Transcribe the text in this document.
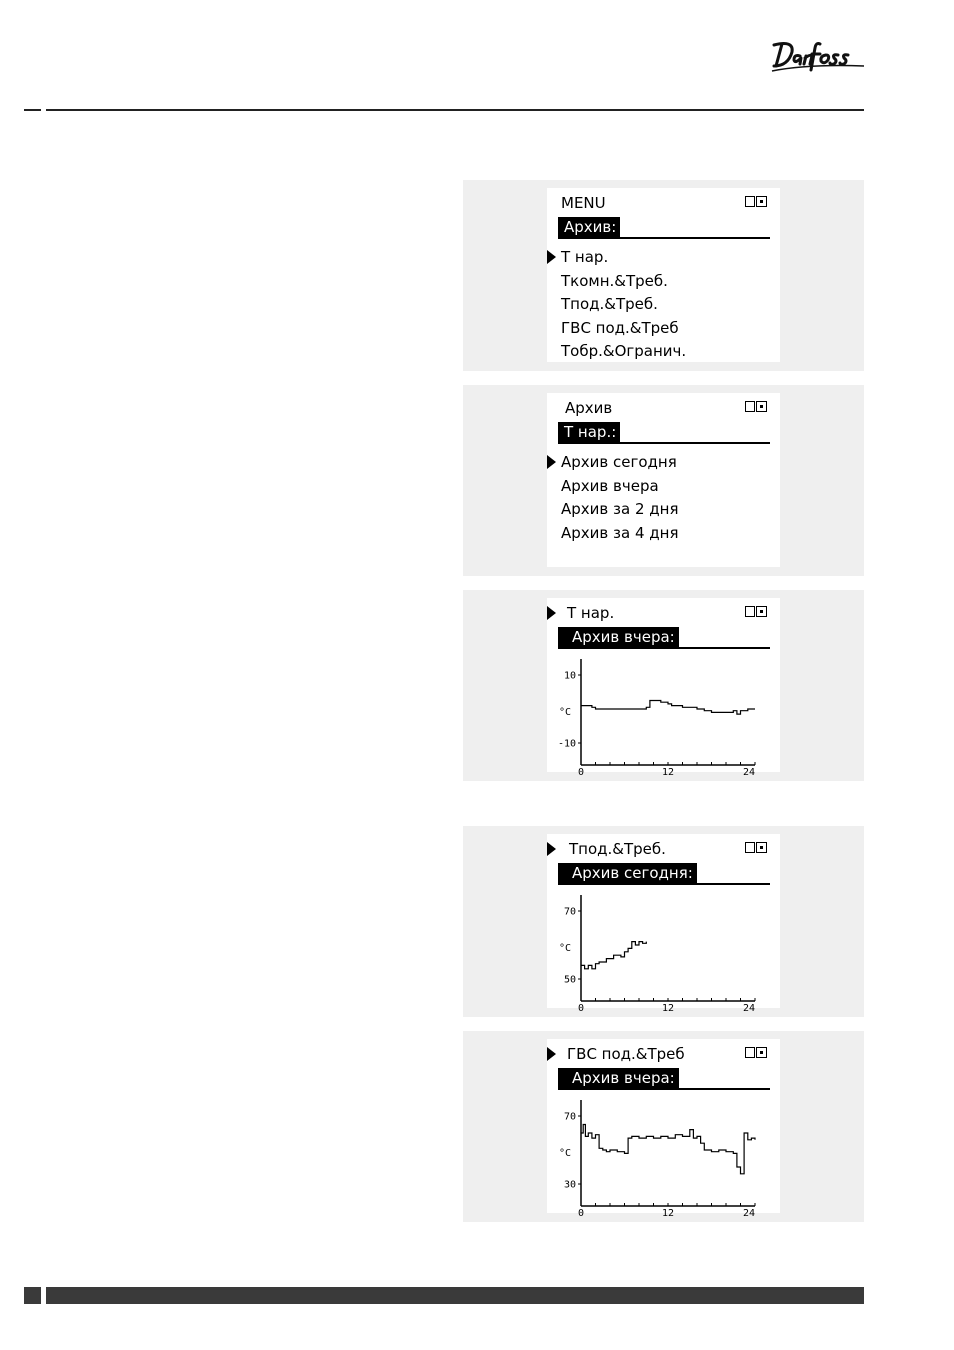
MENU
Архив:
Т нар.
Ткомн.&Треб.
Тпод.&Треб.
ГВС под.&Треб
Тобр.&Огранич.
Архив
Т нар.:
Архив сегодня
Архив вчера
Архив за 2 дня
Архив за 4 дня
Т нар.
Архив вчера:
10
-10
°C
0	12	24
Тпод.&Треб.
Архив сегодня:
70
50
°C
0	12	24
ГВС под.&Треб
Архив вчера:
70
30
°C
0	12	24
